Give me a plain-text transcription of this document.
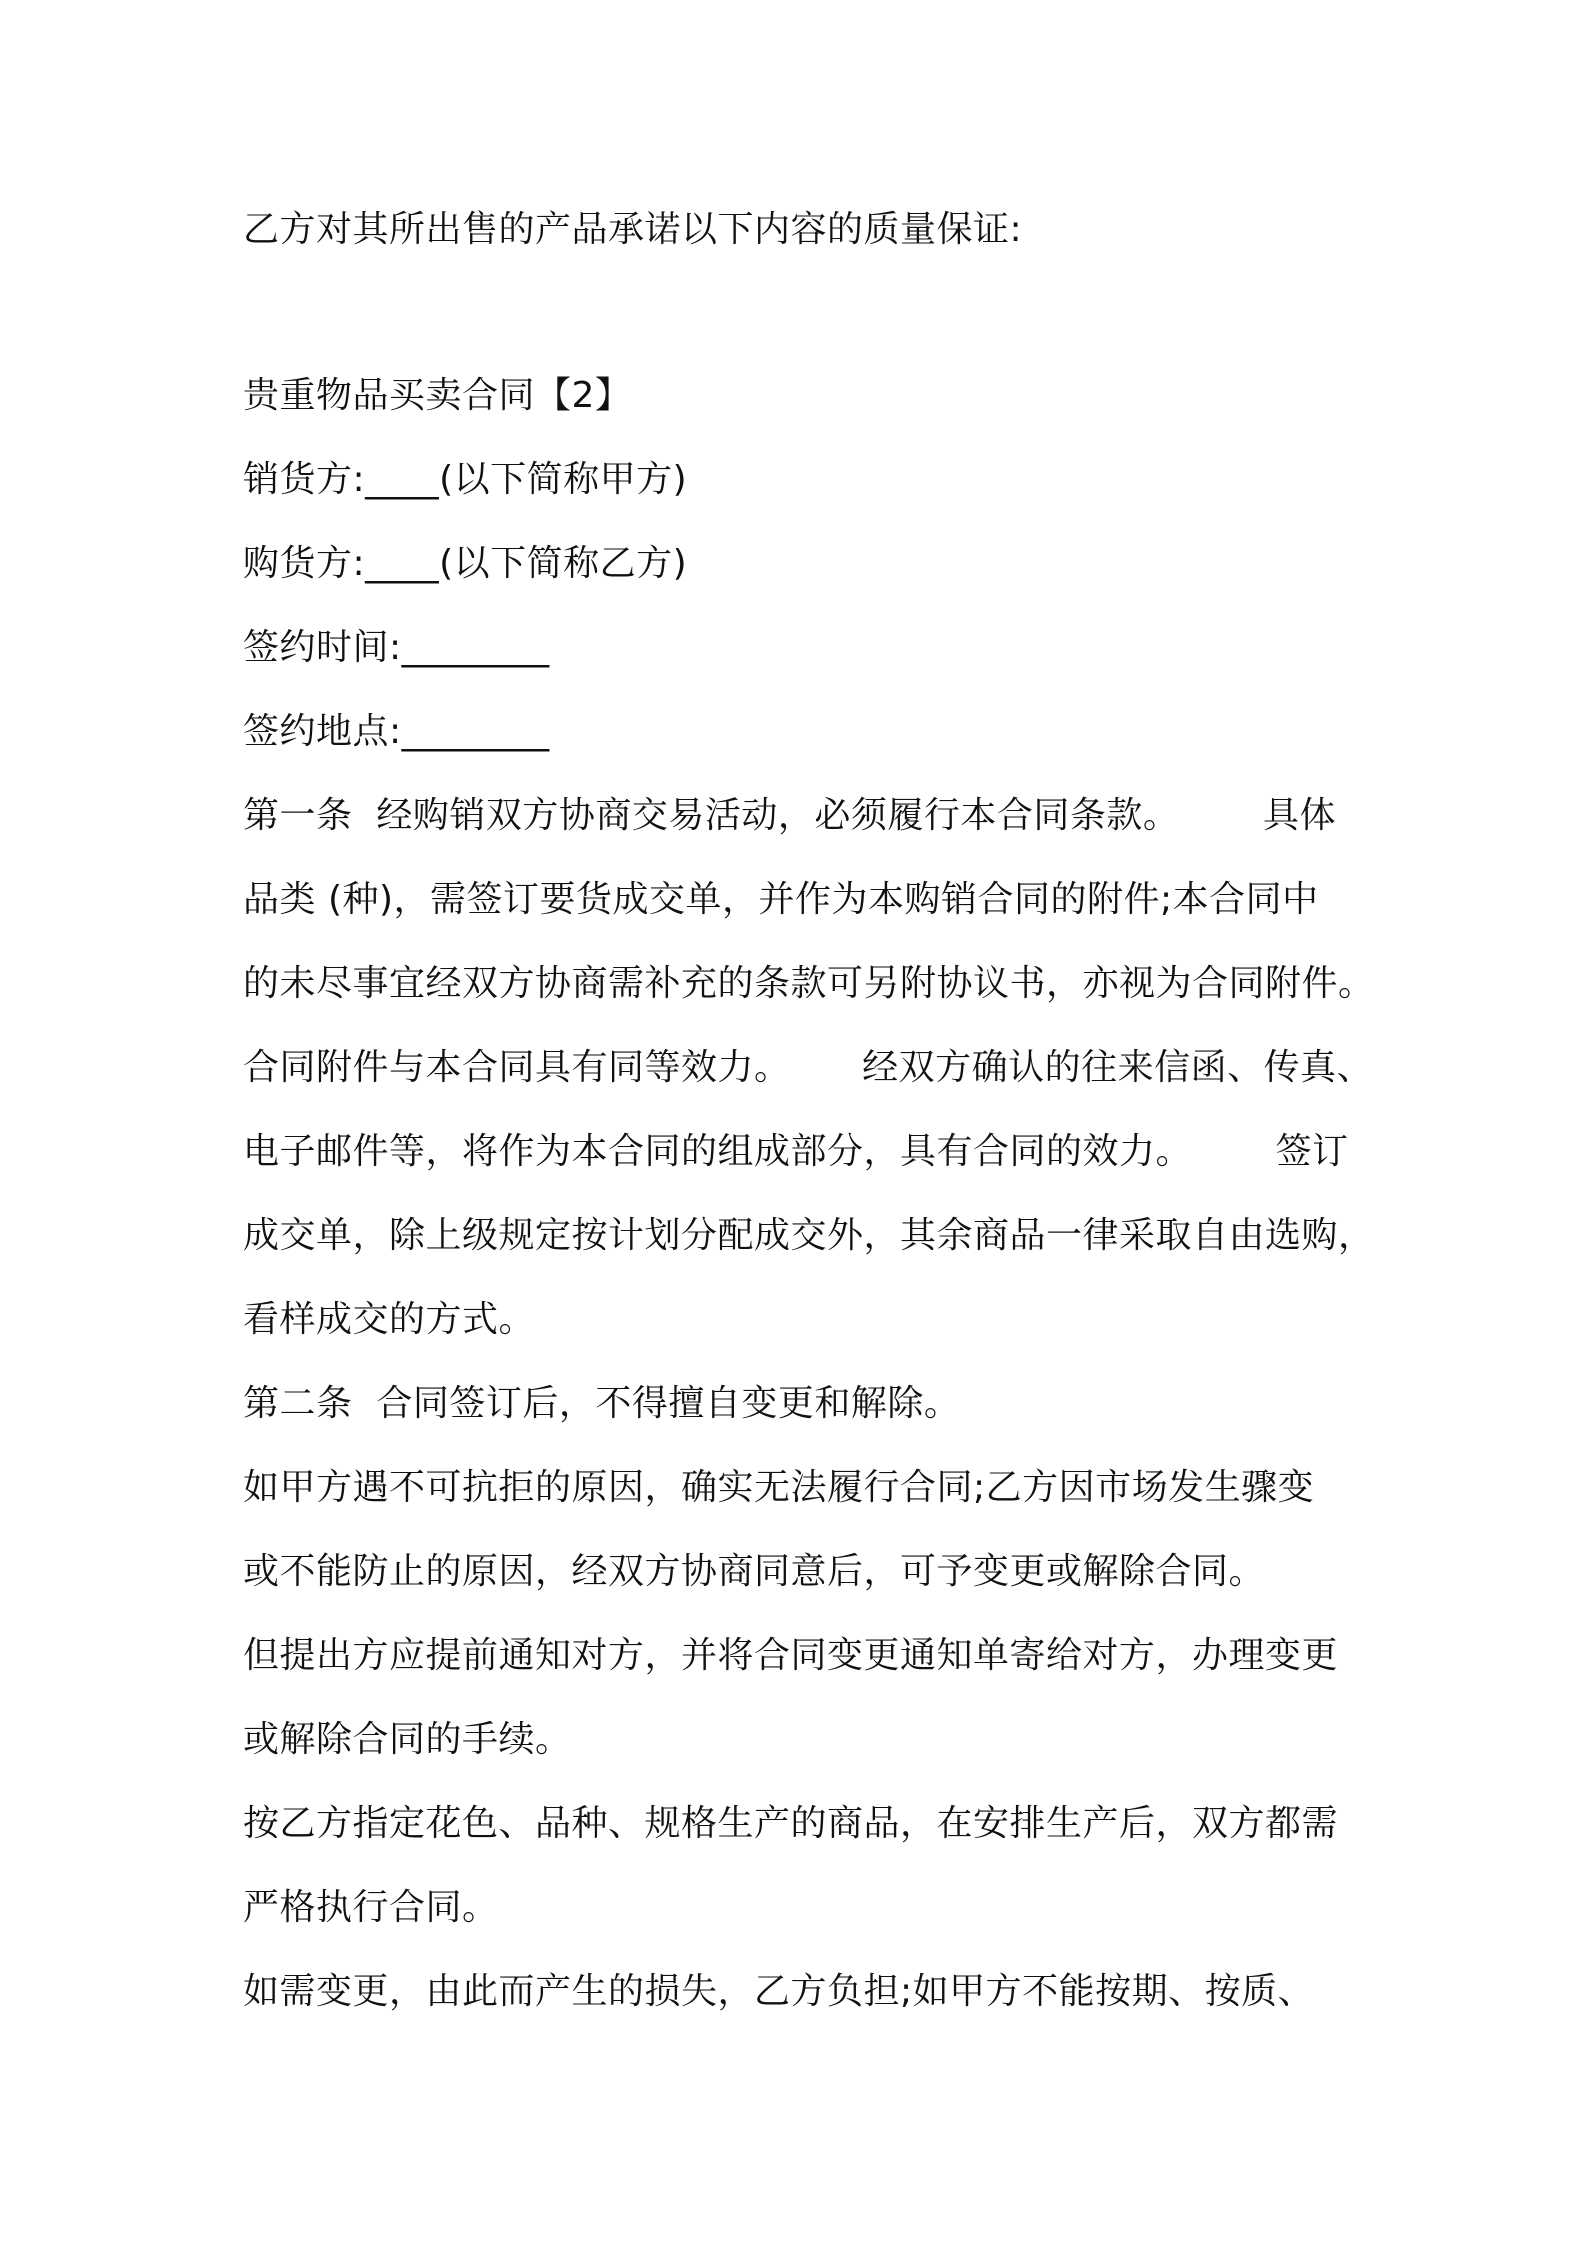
乙方对其所出售的产品承诺以下内容的质量保证:
贵重物品买卖合同【2】
销货方:____(以下简称甲方)
购货方:____(以下简称乙方)
签约时间:________
签约地点:________
第一条  经购销双方协商交易活动，必须履行本合同条款。       具体
品类 (种)，需签订要货成交单，并作为本购销合同的附件;本合同中
的未尽事宜经双方协商需补充的条款可另附协议书，亦视为合同附件。
合同附件与本合同具有同等效力。      经双方确认的往来信函、传真、
电子邮件等，将作为本合同的组成部分，具有合同的效力。       签订
成交单，除上级规定按计划分配成交外，其余商品一律采取自由选购，
看样成交的方式。
第二条  合同签订后，不得擅自变更和解除。
如甲方遇不可抗拒的原因，确实无法履行合同;乙方因市场发生骤变
或不能防止的原因，经双方协商同意后，可予变更或解除合同。
但提出方应提前通知对方，并将合同变更通知单寄给对方，办理变更
或解除合同的手续。
按乙方指定花色、品种、规格生产的商品，在安排生产后，双方都需
严格执行合同。
如需变更，由此而产生的损失，乙方负担;如甲方不能按期、按质、
